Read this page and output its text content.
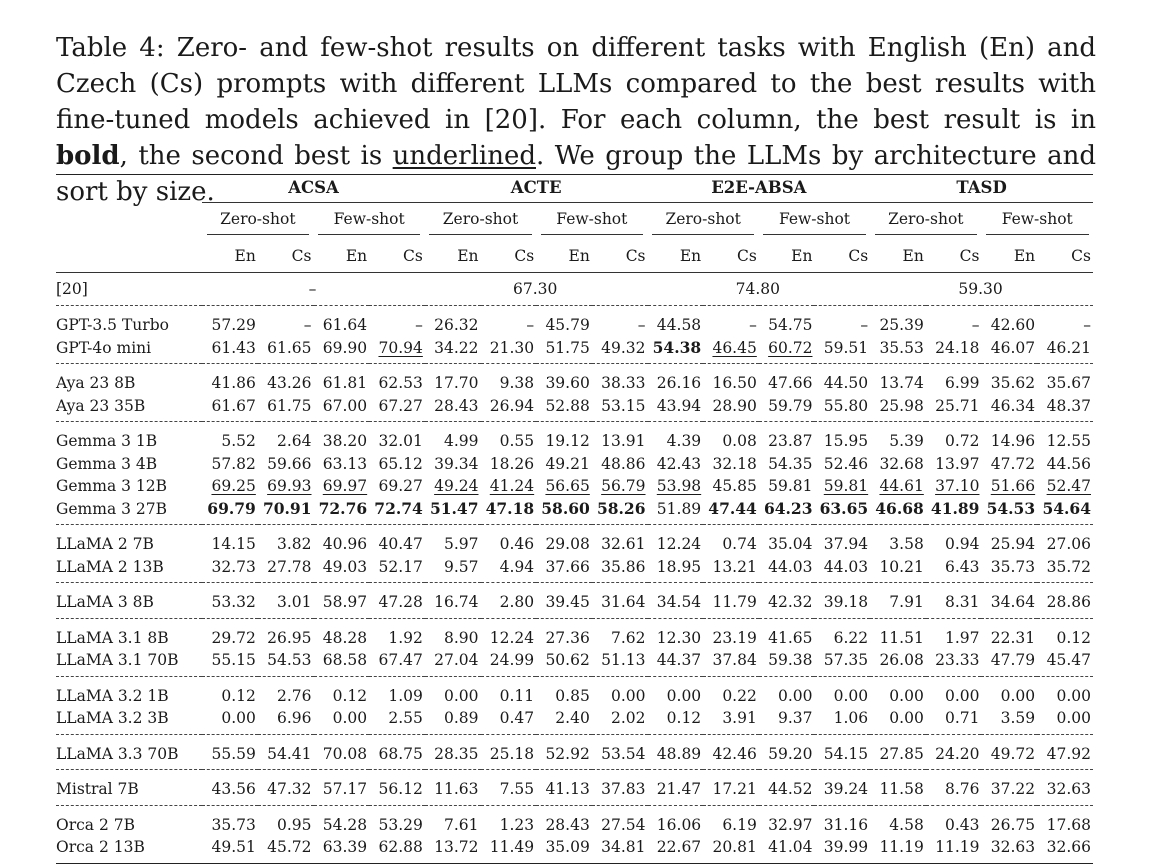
Table 4: Zero- and few-shot results on different tasks with English (En) and Czech (Cs) prompts with different LLMs compared to the best results with fine-tuned models achieved in [20]. For each column, the best result is in bold, the second best is underlined. We group the LLMs by architecture and sort by size.

		ACSA				ACTE				E2E-ABSA				TASD			
	Zero-shot		Few-shot		Zero-shot		Few-shot		Zero-shot		Few-shot		Zero-shot		Few-shot	
	En	Cs	En	Cs	En	Cs	En	Cs	En	Cs	En	Cs	En	Cs	En	Cs
[20]	–				67.30				74.80				59.30			
GPT-3.5 Turbo	57.29	–	61.64	–	26.32	–	45.79	–	44.58	–	54.75	–	25.39	–	42.60	–
GPT-4o mini	61.43	61.65	69.90	70.94	34.22	21.30	51.75	49.32	54.38	46.45	60.72	59.51	35.53	24.18	46.07	46.21
Aya 23 8B	41.86	43.26	61.81	62.53	17.70	9.38	39.60	38.33	26.16	16.50	47.66	44.50	13.74	6.99	35.62	35.67
Aya 23 35B	61.67	61.75	67.00	67.27	28.43	26.94	52.88	53.15	43.94	28.90	59.79	55.80	25.98	25.71	46.34	48.37
Gemma 3 1B	5.52	2.64	38.20	32.01	4.99	0.55	19.12	13.91	4.39	0.08	23.87	15.95	5.39	0.72	14.96	12.55
Gemma 3 4B	57.82	59.66	63.13	65.12	39.34	18.26	49.21	48.86	42.43	32.18	54.35	52.46	32.68	13.97	47.72	44.56
Gemma 3 12B	69.25	69.93	69.97	69.27	49.24	41.24	56.65	56.79	53.98	45.85	59.81	59.81	44.61	37.10	51.66	52.47
Gemma 3 27B	69.79	70.91	72.76	72.74	51.47	47.18	58.60	58.26	51.89	47.44	64.23	63.65	46.68	41.89	54.53	54.64
LLaMA 2 7B	14.15	3.82	40.96	40.47	5.97	0.46	29.08	32.61	12.24	0.74	35.04	37.94	3.58	0.94	25.94	27.06
LLaMA 2 13B	32.73	27.78	49.03	52.17	9.57	4.94	37.66	35.86	18.95	13.21	44.03	44.03	10.21	6.43	35.73	35.72
LLaMA 3 8B	53.32	3.01	58.97	47.28	16.74	2.80	39.45	31.64	34.54	11.79	42.32	39.18	7.91	8.31	34.64	28.86
LLaMA 3.1 8B	29.72	26.95	48.28	1.92	8.90	12.24	27.36	7.62	12.30	23.19	41.65	6.22	11.51	1.97	22.31	0.12
LLaMA 3.1 70B	55.15	54.53	68.58	67.47	27.04	24.99	50.62	51.13	44.37	37.84	59.38	57.35	26.08	23.33	47.79	45.47
LLaMA 3.2 1B	0.12	2.76	0.12	1.09	0.00	0.11	0.85	0.00	0.00	0.22	0.00	0.00	0.00	0.00	0.00	0.00
LLaMA 3.2 3B	0.00	6.96	0.00	2.55	0.89	0.47	2.40	2.02	0.12	3.91	9.37	1.06	0.00	0.71	3.59	0.00
LLaMA 3.3 70B	55.59	54.41	70.08	68.75	28.35	25.18	52.92	53.54	48.89	42.46	59.20	54.15	27.85	24.20	49.72	47.92
Mistral 7B	43.56	47.32	57.17	56.12	11.63	7.55	41.13	37.83	21.47	17.21	44.52	39.24	11.58	8.76	37.22	32.63
Orca 2 7B	35.73	0.95	54.28	53.29	7.61	1.23	28.43	27.54	16.06	6.19	32.97	31.16	4.58	0.43	26.75	17.68
Orca 2 13B	49.51	45.72	63.39	62.88	13.72	11.49	35.09	34.81	22.67	20.81	41.04	39.99	11.19	11.19	32.63	32.66
